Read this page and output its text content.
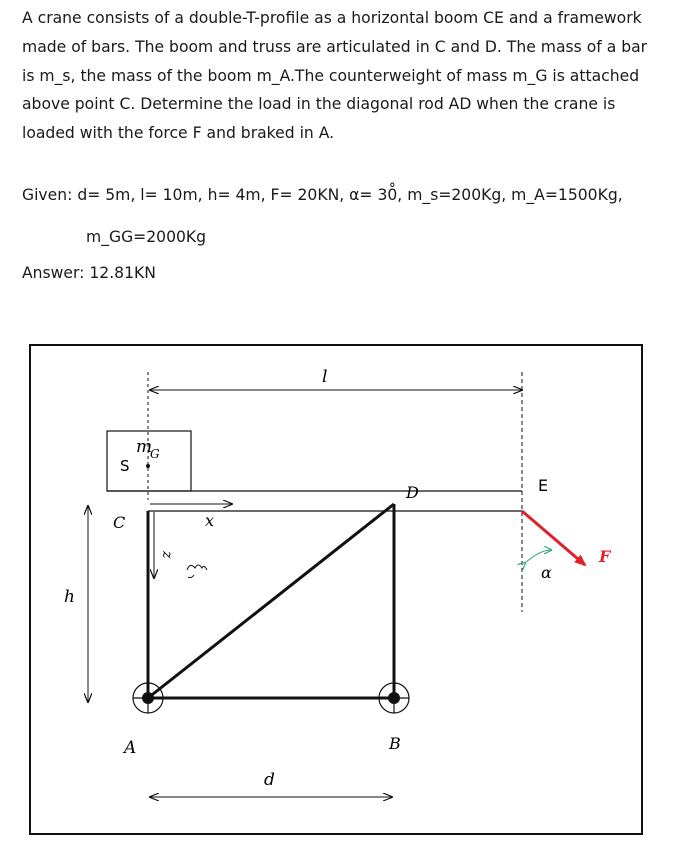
A crane consists of a double-T-profile as a horizontal boom CE and a framework made of bars. The boom and truss are articulated in C and D. The mass of a bar is m_s, the mass of the boom m_A.The counterweight of mass m_G is attached above point C. Determine the load in the diagonal rod AD when the crane is loaded with the force F and braked in A.

Given: d= 5m, l= 10m, h= 4m, F= 20KN, α= 30̊, m_s=200Kg, m_A=1500Kg,
m_GG=2000Kg
Answer: 12.81KN
l
m
G
S
x
C
z
D
A	B
E
F
α
h
d
